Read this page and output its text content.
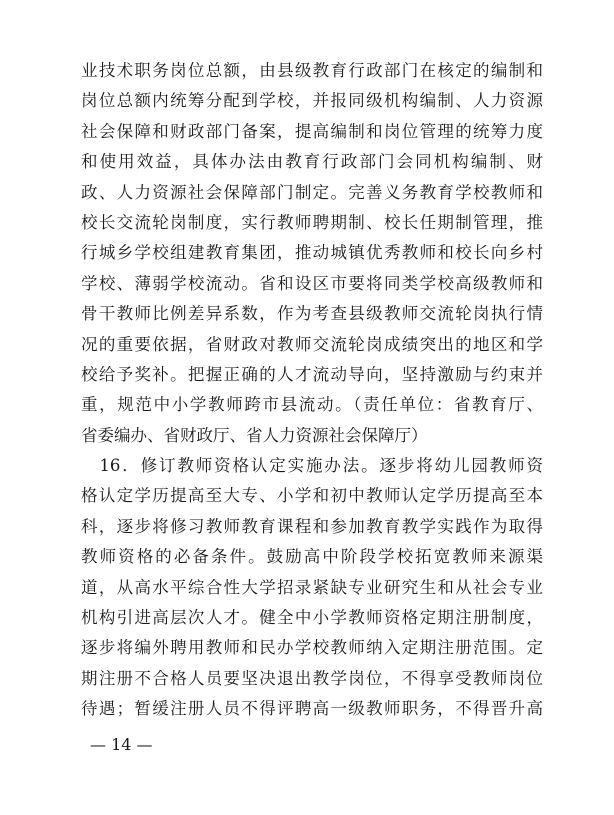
业技术职务岗位总额，由县级教育行政部门在核定的编制和
岗位总额内统筹分配到学校，并报同级机构编制、人力资源
社会保障和财政部门备案，提高编制和岗位管理的统筹力度
和使用效益，具体办法由教育行政部门会同机构编制、财
政、人力资源社会保障部门制定。完善义务教育学校教师和
校长交流轮岗制度，实行教师聘期制、校长任期制管理，推
行城乡学校组建教育集团，推动城镇优秀教师和校长向乡村
学校、薄弱学校流动。省和设区市要将同类学校高级教师和
骨干教师比例差异系数，作为考查县级教师交流轮岗执行情
况的重要依据，省财政对教师交流轮岗成绩突出的地区和学
校给予奖补。把握正确的人才流动导向，坚持激励与约束并
重，规范中小学教师跨市县流动。（责任单位：省教育厅、
省委编办、省财政厅、省人力资源社会保障厅）
　16．修订教师资格认定实施办法。逐步将幼儿园教师资
格认定学历提高至大专、小学和初中教师认定学历提高至本
科，逐步将修习教师教育课程和参加教育教学实践作为取得
教师资格的必备条件。鼓励高中阶段学校拓宽教师来源渠
道，从高水平综合性大学招录紧缺专业研究生和从社会专业
机构引进高层次人才。健全中小学教师资格定期注册制度，
逐步将编外聘用教师和民办学校教师纳入定期注册范围。定
期注册不合格人员要坚决退出教学岗位，不得享受教师岗位
待遇；暂缓注册人员不得评聘高一级教师职务，不得晋升高
— 14 —
